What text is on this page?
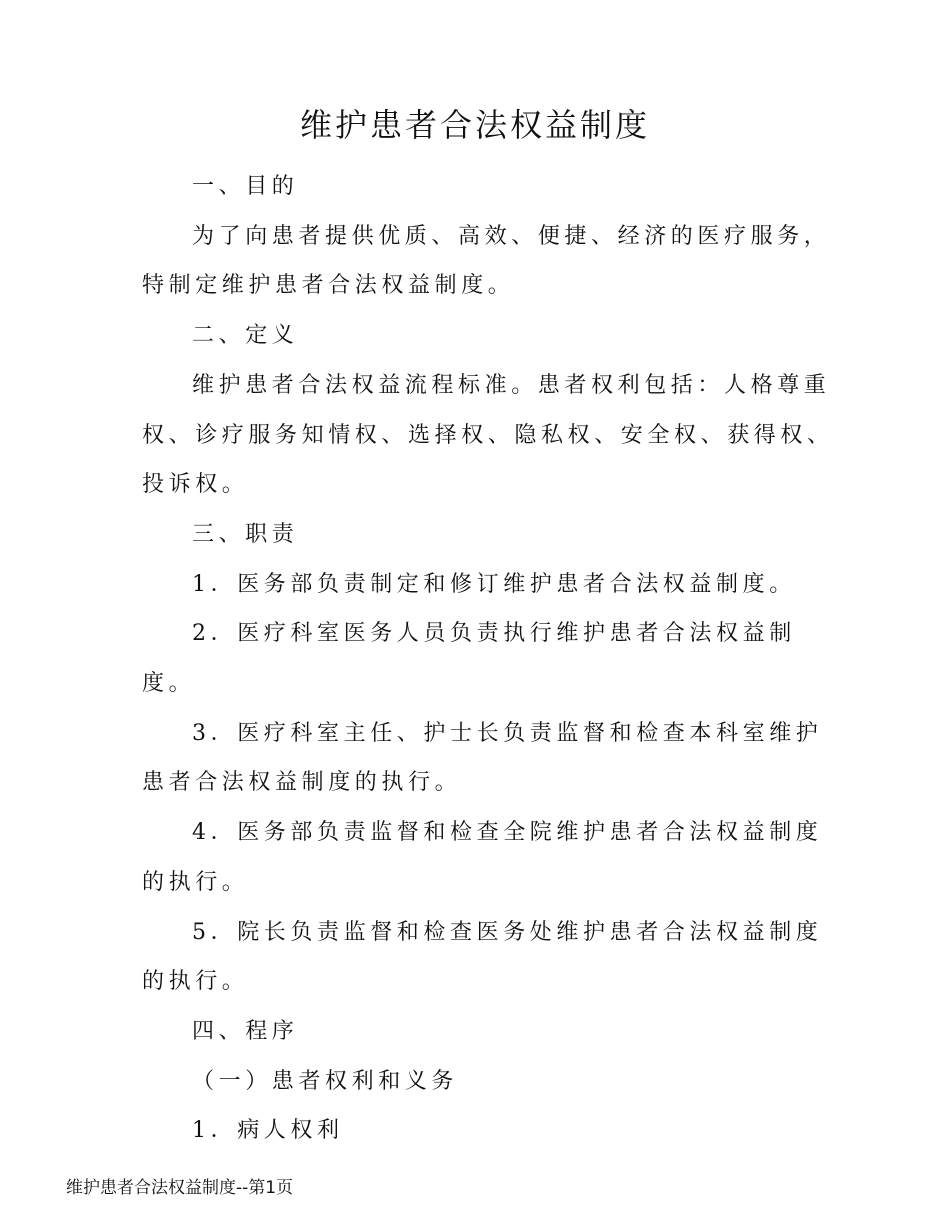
维护患者合法权益制度

一、目的

为了向患者提供优质、高效、便捷、经济的医疗服务，特制定维护患者合法权益制度。

二、定义

维护患者合法权益流程标准。患者权利包括：人格尊重权、诊疗服务知情权、选择权、隐私权、安全权、获得权、投诉权。

三、职责

1．医务部负责制定和修订维护患者合法权益制度。

2．医疗科室医务人员负责执行维护患者合法权益制度。

3．医疗科室主任、护士长负责监督和检查本科室维护患者合法权益制度的执行。

4．医务部负责监督和检查全院维护患者合法权益制度的执行。

5．院长负责监督和检查医务处维护患者合法权益制度的执行。

四、程序

（一）患者权利和义务

1．病人权利

维护患者合法权益制度--第1页
